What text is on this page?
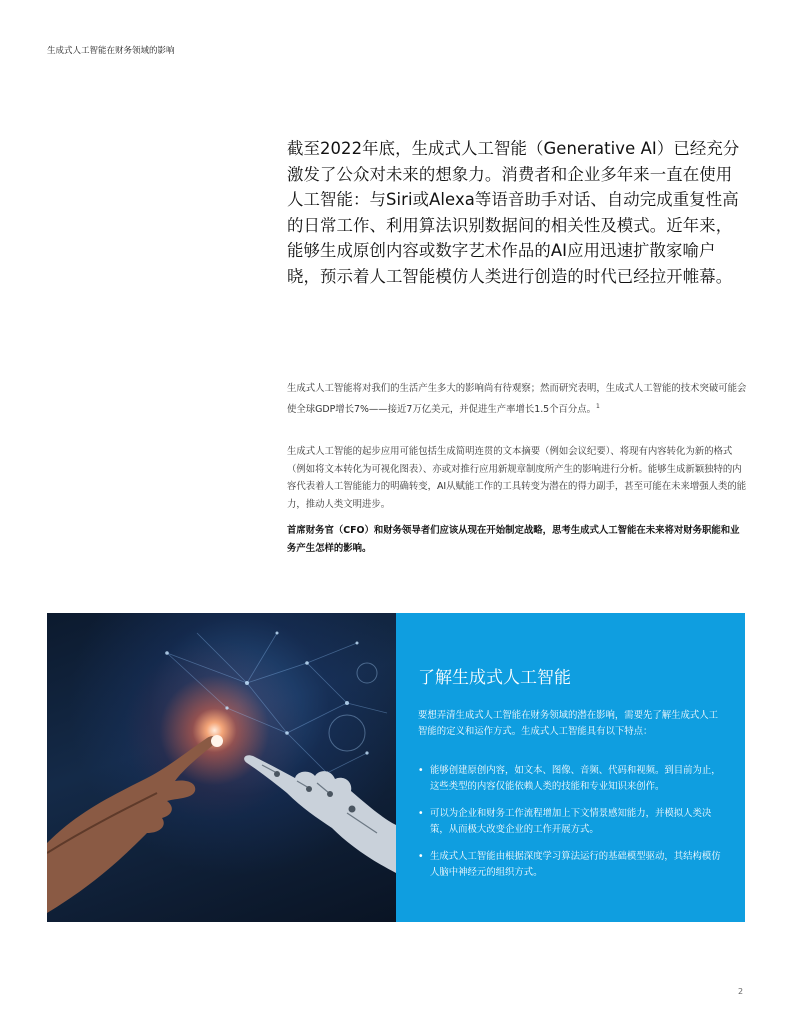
生成式人工智能在财务领域的影响
截至2022年底，生成式人工智能（Generative AI）已经充分激发了公众对未来的想象力。消费者和企业多年来一直在使用人工智能：与Siri或Alexa等语音助手对话、自动完成重复性高的日常工作、利用算法识别数据间的相关性及模式。近年来，能够生成原创内容或数字艺术作品的AI应用迅速扩散家喻户晓，预示着人工智能模仿人类进行创造的时代已经拉开帷幕。

生成式人工智能将对我们的生活产生多大的影响尚有待观察；然而研究表明，生成式人工智能的技术突破可能会使全球GDP增长7%——接近7万亿美元，并促进生产率增长1.5个百分点。$^1$

生成式人工智能的起步应用可能包括生成简明连贯的文本摘要（例如会议纪要）、将现有内容转化为新的格式（例如将文本转化为可视化图表）、亦或对推行应用新规章制度所产生的影响进行分析。能够生成新颖独特的内容代表着人工智能能力的明确转变，AI从赋能工作的工具转变为潜在的得力副手，甚至可能在未来增强人类的能力，推动人类文明进步。

首席财务官（CFO）和财务领导者们应该从现在开始制定战略，思考生成式人工智能在未来将对财务职能和业务产生怎样的影响。

了解生成式人工智能

要想弄清生成式人工智能在财务领域的潜在影响，需要先了解生成式人工智能的定义和运作方式。生成式人工智能具有以下特点：

• 能够创建原创内容，如文本、图像、音频、代码和视频。到目前为止，这些类型的内容仅能依赖人类的技能和专业知识来创作。
• 可以为企业和财务工作流程增加上下文情景感知能力，并模拟人类决策，从而极大改变企业的工作开展方式。
• 生成式人工智能由根据深度学习算法运行的基础模型驱动，其结构模仿人脑中神经元的组织方式。
2
